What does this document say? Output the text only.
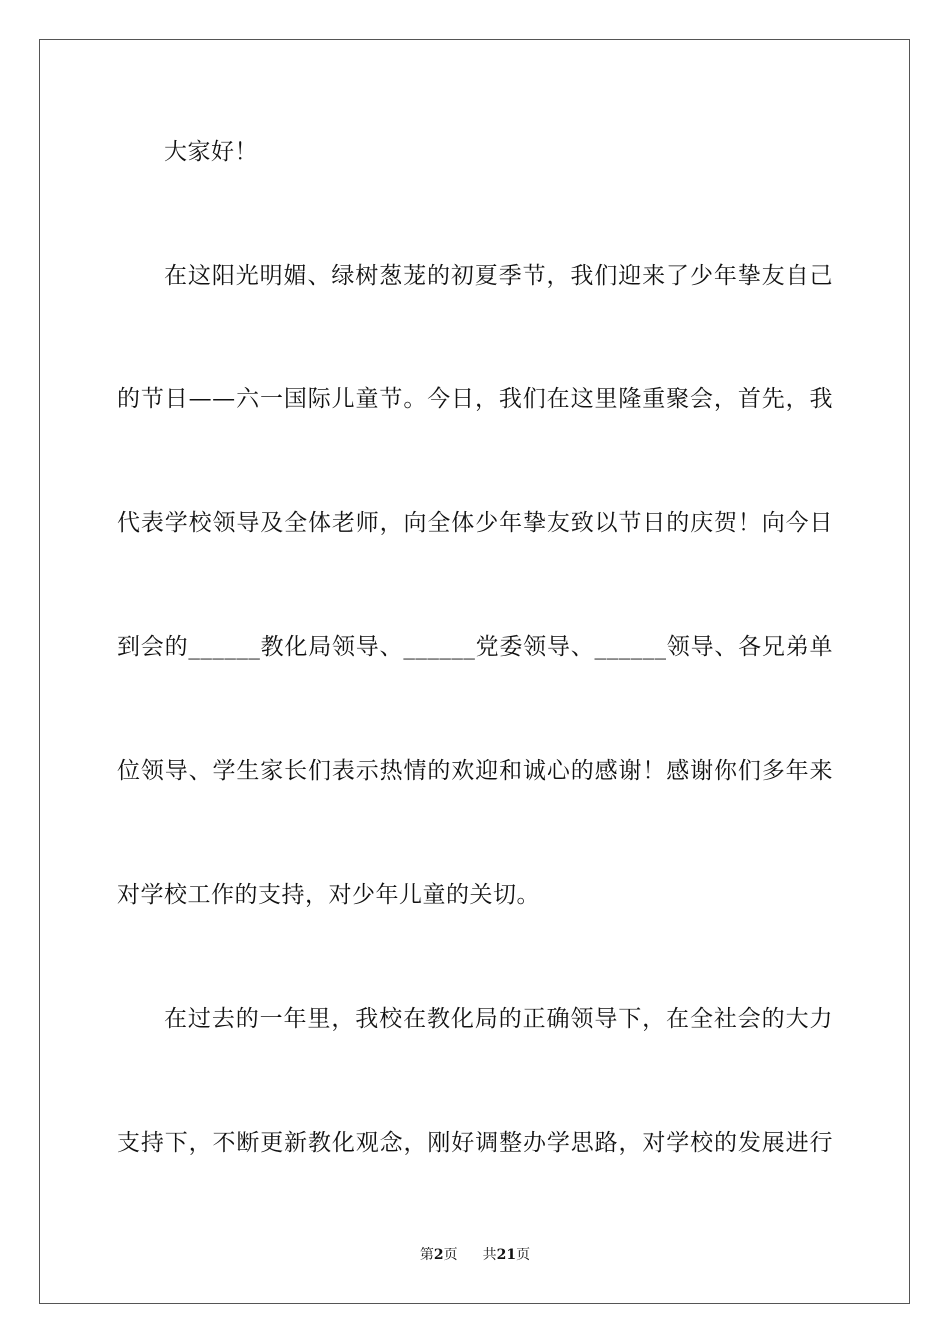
大家好！
在这阳光明媚、绿树葱茏的初夏季节，我们迎来了少年挚友自己
的节日——六一国际儿童节。今日，我们在这里隆重聚会，首先，我
代表学校领导及全体老师，向全体少年挚友致以节日的庆贺！向今日
到会的______教化局领导、______党委领导、______领导、各兄弟单
位领导、学生家长们表示热情的欢迎和诚心的感谢！感谢你们多年来
对学校工作的支持，对少年儿童的关切。
在过去的一年里，我校在教化局的正确领导下，在全社会的大力
支持下，不断更新教化观念，刚好调整办学思路，对学校的发展进行
第2页 共21页
